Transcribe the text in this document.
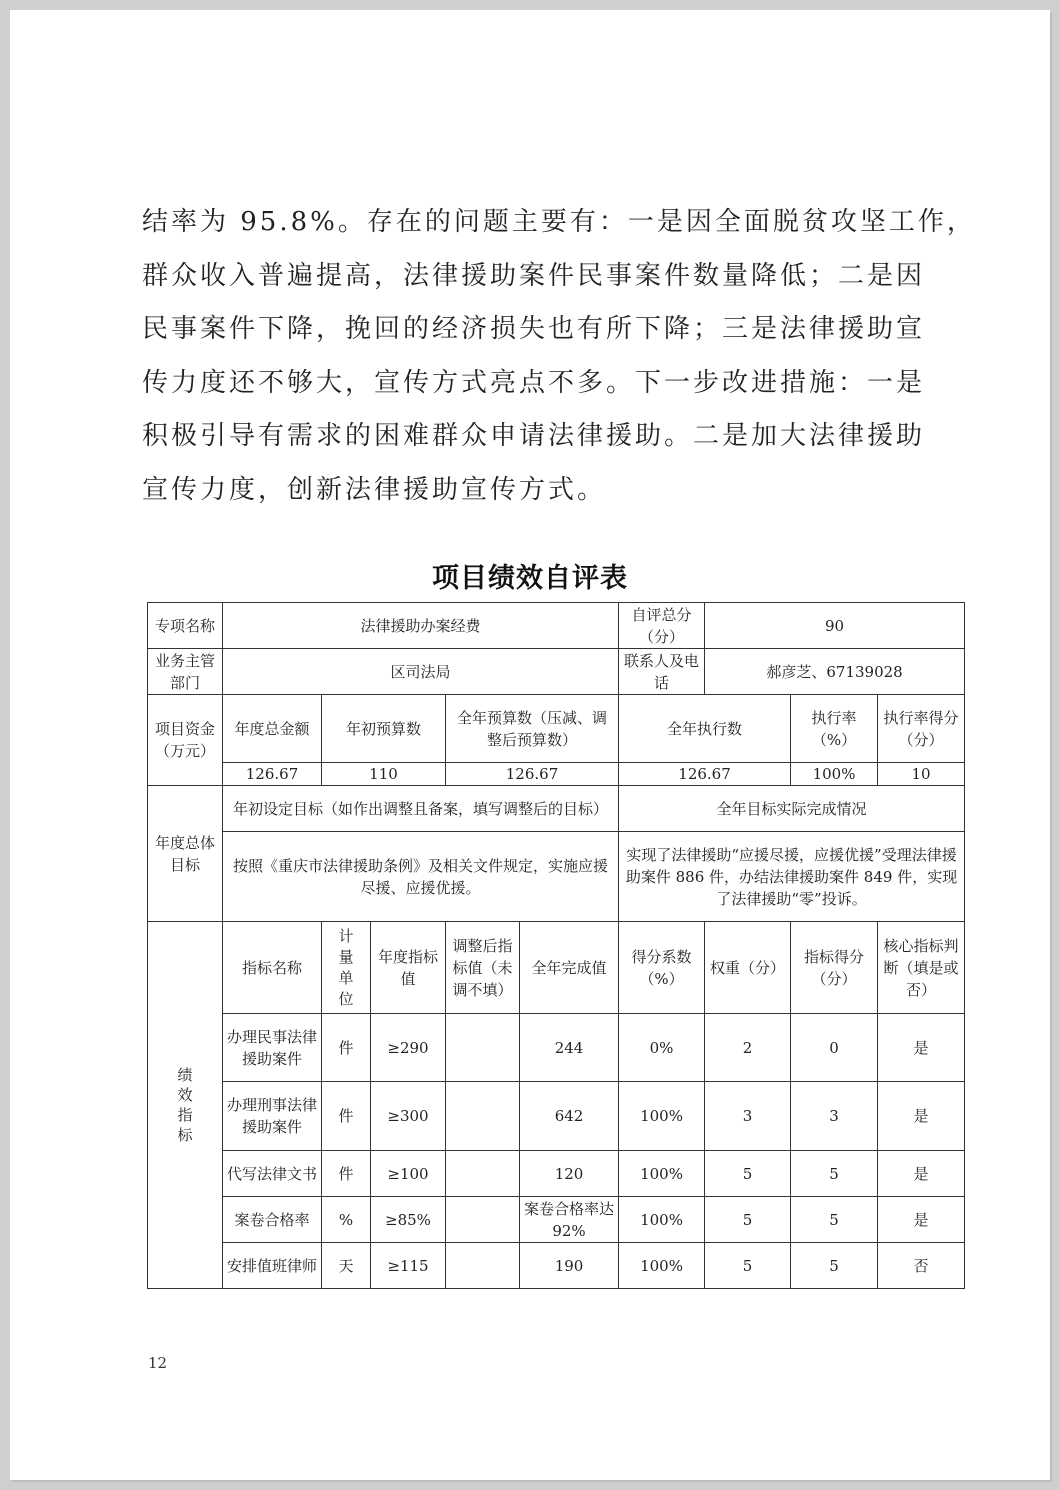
结率为 95.8%。存在的问题主要有：一是因全面脱贫攻坚工作，
群众收入普遍提高，法律援助案件民事案件数量降低；二是因
民事案件下降，挽回的经济损失也有所下降；三是法律援助宣
传力度还不够大，宣传方式亮点不多。下一步改进措施：一是
积极引导有需求的困难群众申请法律援助。二是加大法律援助
宣传力度，创新法律援助宣传方式。
项目绩效自评表
专项名称	法律援助办案经费					自评总分（分）	90		
业务主管部门	区司法局					联系人及电话	郝彦芝、67139028		
项目资金（万元）	年度总金额	年初预算数		全年预算数（压减、调整后预算数）		全年执行数		执行率（%）	执行率得分（分）
	126.67	110		126.67		126.67		100%	10
年度总体目标	年初设定目标（如作出调整且备案，填写调整后的目标）					全年目标实际完成情况			
	按照《重庆市法律援助条例》及相关文件规定，实施应援尽援、应援优援。					实现了法律援助“应援尽援，应援优援”受理法律援助案件 886 件，办结法律援助案件 849 件，实现了法律援助“零”投诉。			

绩效指标	指标名称	计量单位	年度指标值	调整后指标值（未调不填）	全年完成值	得分系数（%）	权重（分）	指标得分（分）	核心指标判断（填是或否）
	办理民事法律援助案件	件	≥290		244	0%	2	0	是
	办理刑事法律援助案件	件	≥300		642	100%	3	3	是
	代写法律文书	件	≥100		120	100%	5	5	是
	案卷合格率	%	≥85%		案卷合格率达 92%	100%	5	5	是
	安排值班律师	天	≥115		190	100%	5	5	否
12
